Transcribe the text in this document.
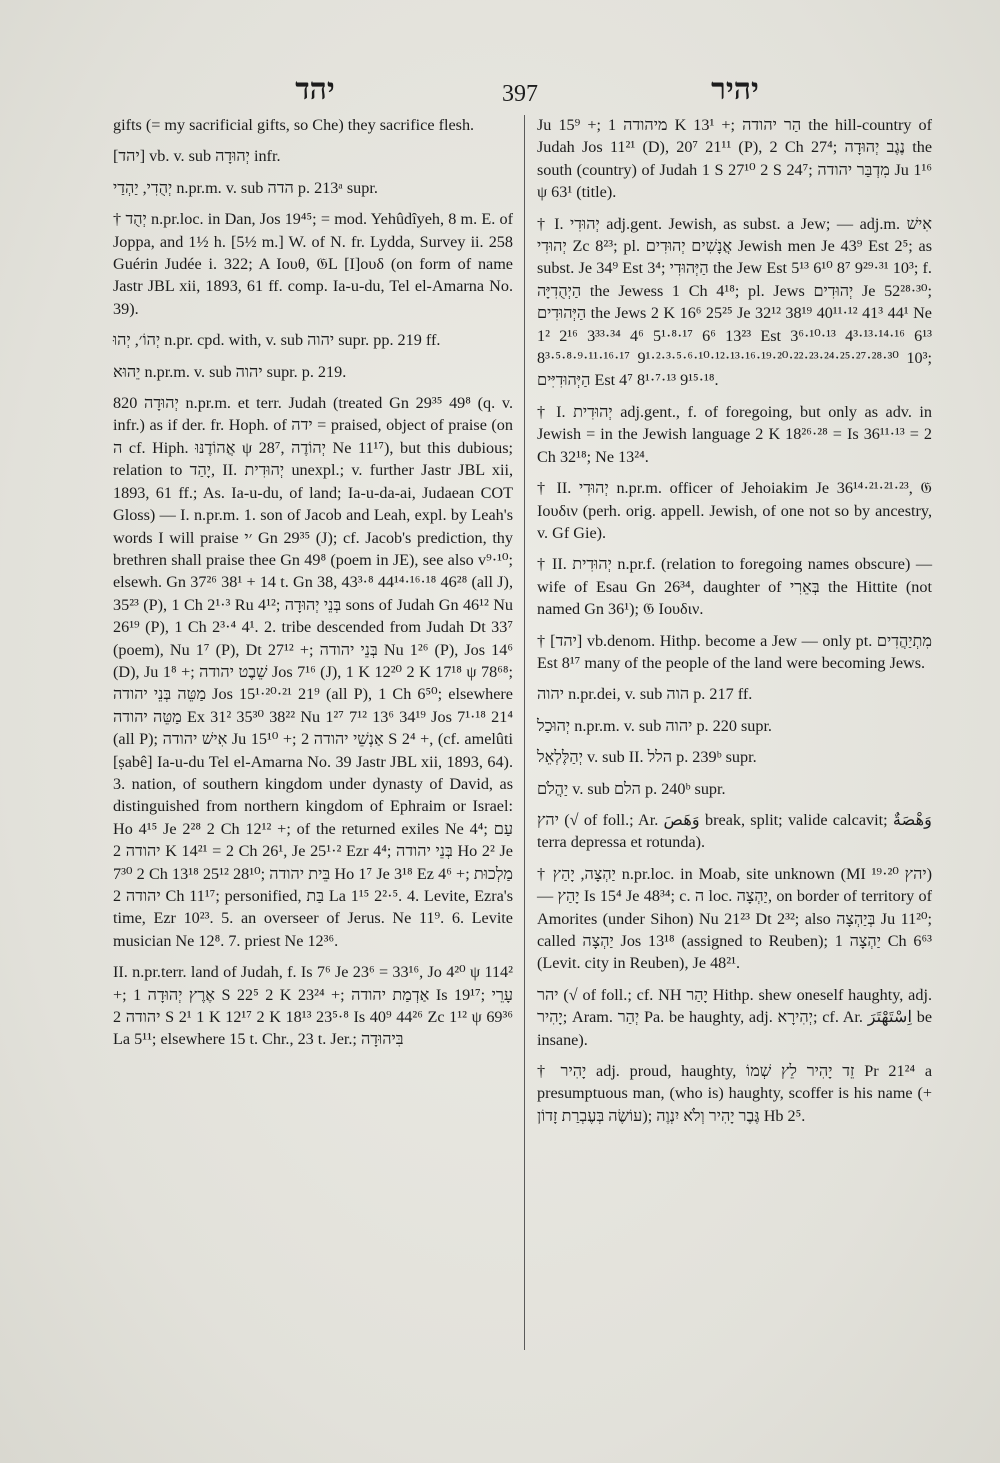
יהד	397	יהיר

gifts (= my sacrificial gifts, so Che) they sacrifice flesh.

[יהד] vb. v. sub יְהוּדָה infr.

יְהֻדִי, יַהְדַי n.pr.m. v. sub הדה p. 213ᵃ supr.

† יְהֻד n.pr.loc. in Dan, Jos 19⁴⁵; = mod. Yehûdîyeh, 8 m. E. of Joppa, and 1½ h. [5½ m.] W. of N. fr. Lydda, Survey ii. 258 Guérin Judée i. 322; A Ιουθ, 𝔊L [Ι]ουδ (on form of name Jastr JBL xii, 1893, 61 ff. comp. Ia-u-du, Tel el-Amarna No. 39).

יְהוֹ׳, יְהוּ n.pr. cpd. with, v. sub יהוה supr. pp. 219 ff.

יֵהוּא n.pr.m. v. sub יהוה supr. p. 219.

יְהוּדָה 820 n.pr.m. et terr. Judah (treated Gn 29³⁵ 49⁸ (q. v. infr.) as if der. fr. Hoph. of ידה = praised, object of praise (on ה cf. Hiph. אֲהוֹדֶנּוּ ψ 28⁷, יְהוֹדֶה Ne 11¹⁷), but this dubious; relation to יָהַד, II. יְהוּדִית unexpl.; v. further Jastr JBL xii, 1893, 61 ff.; As. Ia-u-du, of land; Ia-u-da-ai, Judaean COT Gloss) — I. n.pr.m. 1. son of Jacob and Leah, expl. by Leah's words I will praise ׳י Gn 29³⁵ (J); cf. Jacob's prediction, thy brethren shall praise thee Gn 49⁸ (poem in JE), see also v⁹·¹⁰; elsewh. Gn 37²⁶ 38¹ + 14 t. Gn 38, 43³·⁸ 44¹⁴·¹⁶·¹⁸ 46²⁸ (all J), 35²³ (P), 1 Ch 2¹·³ Ru 4¹²; בְּנֵי יְהוּדָה sons of Judah Gn 46¹² Nu 26¹⁹ (P), 1 Ch 2³·⁴ 4¹. 2. tribe descended from Judah Dt 33⁷ (poem), Nu 1⁷ (P), Dt 27¹² +; בְּנֵי יהודה Nu 1²⁶ (P), Jos 14⁶ (D), Ju 1⁸ +; שֵׁבֶט יהודה Jos 7¹⁶ (J), 1 K 12²⁰ 2 K 17¹⁸ ψ 78⁶⁸; מַטֵּה בְּנֵי יהודה Jos 15¹·²⁰·²¹ 21⁹ (all P), 1 Ch 6⁵⁰; elsewhere מַטֵּה יהודה Ex 31² 35³⁰ 38²² Nu 1²⁷ 7¹² 13⁶ 34¹⁹ Jos 7¹·¹⁸ 21⁴ (all P); אִישׁ יהודה Ju 15¹⁰ +; אַנְשֵׁי יהודה 2 S 2⁴ +, (cf. amelûti [ṣabê] Ia-u-du Tel el-Amarna No. 39 Jastr JBL xii, 1893, 64). 3. nation, of southern kingdom under dynasty of David, as distinguished from northern kingdom of Ephraim or Israel: Ho 4¹⁵ Je 2²⁸ 2 Ch 12¹² +; of the returned exiles Ne 4⁴; עַם יהודה 2 K 14²¹ = 2 Ch 26¹, Je 25¹·² Ezr 4⁴; בְּנֵי יהודה Ho 2² Je 7³⁰ 2 Ch 13¹⁸ 25¹² 28¹⁰; בֵּית יהודה Ho 1⁷ Je 3¹⁸ Ez 4⁶ +; מַלְכוּת יהודה 2 Ch 11¹⁷; personified, בַּת La 1¹⁵ 2²·⁵. 4. Levite, Ezra's time, Ezr 10²³. 5. an overseer of Jerus. Ne 11⁹. 6. Levite musician Ne 12⁸. 7. priest Ne 12³⁶.

II. n.pr.terr. land of Judah, f. Is 7⁶ Je 23⁶ = 33¹⁶, Jo 4²⁰ ψ 114² +; אֶרֶץ יְהוּדָה 1 S 22⁵ 2 K 23²⁴ +; אַדְמַת יהודה Is 19¹⁷; עָרֵי יהודה 2 S 2¹ 1 K 12¹⁷ 2 K 18¹³ 23⁵·⁸ Is 40⁹ 44²⁶ Zc 1¹² ψ 69³⁶ La 5¹¹; elsewhere 15 t. Chr., 23 t. Jer.; בִּיהוּדָה

Ju 15⁹ +; מיהודה 1 K 13¹ +; הַר יהודה the hill-country of Judah Jos 11²¹ (D), 20⁷ 21¹¹ (P), 2 Ch 27⁴; נֶגֶב יְהוּדָה the south (country) of Judah 1 S 27¹⁰ 2 S 24⁷; מִדְבַּר יהודה Ju 1¹⁶ ψ 63¹ (title).

† I. יְהוּדִי adj.gent. Jewish, as subst. a Jew; — adj.m. אִישׁ יְהוּדִי Zc 8²³; pl. אֲנָשִׁים יְהוּדִים Jewish men Je 43⁹ Est 2⁵; as subst. Je 34⁹ Est 3⁴; הַיְּהוּדִי the Jew Est 5¹³ 6¹⁰ 8⁷ 9²⁹·³¹ 10³; f. הַיְהֻדִיָּה the Jewess 1 Ch 4¹⁸; pl. Jews יְהוּדִים Je 52²⁸·³⁰; הַיְּהוּדִים the Jews 2 K 16⁶ 25²⁵ Je 32¹² 38¹⁹ 40¹¹·¹² 41³ 44¹ Ne 1² 2¹⁶ 3³³·³⁴ 4⁶ 5¹·⁸·¹⁷ 6⁶ 13²³ Est 3⁶·¹⁰·¹³ 4³·¹³·¹⁴·¹⁶ 6¹³ 8³·⁵·⁸·⁹·¹¹·¹⁶·¹⁷ 9¹·²·³·⁵·⁶·¹⁰·¹²·¹³·¹⁶·¹⁹·²⁰·²²·²³·²⁴·²⁵·²⁷·²⁸·³⁰ 10³; הַיְּהוּדִיִּים Est 4⁷ 8¹·⁷·¹³ 9¹⁵·¹⁸.

† I. יְהוּדִית adj.gent., f. of foregoing, but only as adv. in Jewish = in the Jewish language 2 K 18²⁶·²⁸ = Is 36¹¹·¹³ = 2 Ch 32¹⁸; Ne 13²⁴.

† II. יְהוּדִי n.pr.m. officer of Jehoiakim Je 36¹⁴·²¹·²¹·²³, 𝔊 Ιουδιν (perh. orig. appell. Jewish, of one not so by ancestry, v. Gf Gie).

† II. יְהוּדִית n.pr.f. (relation to foregoing names obscure) — wife of Esau Gn 26³⁴, daughter of בְּאֵרִי the Hittite (not named Gn 36¹); 𝔊 Ιουδιν.

† [יהד] vb.denom. Hithp. become a Jew — only pt. מִתְיַהֲדִים Est 8¹⁷ many of the people of the land were becoming Jews.

יהוה n.pr.dei, v. sub הוה p. 217 ff.

יְהוּכַל n.pr.m. v. sub יהוה p. 220 supr.

יְהַלֶּלְאֵל v. sub II. הלל p. 239ᵇ supr.

יַהֲלֹם v. sub הלם p. 240ᵇ supr.

יהץ (√ of foll.; Ar. وَهَصَ break, split; valide calcavit; وَهْصَةٌ terra depressa et rotunda).

† יַהְצָה, יָהַץ n.pr.loc. in Moab, site unknown (MI ¹⁹·²⁰ יהץ) — יָהַץ Is 15⁴ Je 48³⁴; c. ה loc. יַהְצָה, on border of territory of Amorites (under Sihon) Nu 21²³ Dt 2³²; also בְּיַהְצָה Ju 11²⁰; called יַהְצָה Jos 13¹⁸ (assigned to Reuben); יַהְצָה 1 Ch 6⁶³ (Levit. city in Reuben), Je 48²¹.

יהר (√ of foll.; cf. NH יָהַר Hithp. shew oneself haughty, adj. יָהִיר; Aram. יְהַר Pa. be haughty, adj. יְהִירָא; cf. Ar. اِسْتَهْتَرَ be insane).

† יָהִיר adj. proud, haughty, זֵד יָהִיר לֵץ שְׁמוֹ Pr 21²⁴ a presumptuous man, (who is) haughty, scoffer is his name (+ עוֹשֶׂה בְּעֶבְרַת זָדוֹן); גֶּבֶר יָהִיר וְלֹא יִנְוֶה Hb 2⁵.
